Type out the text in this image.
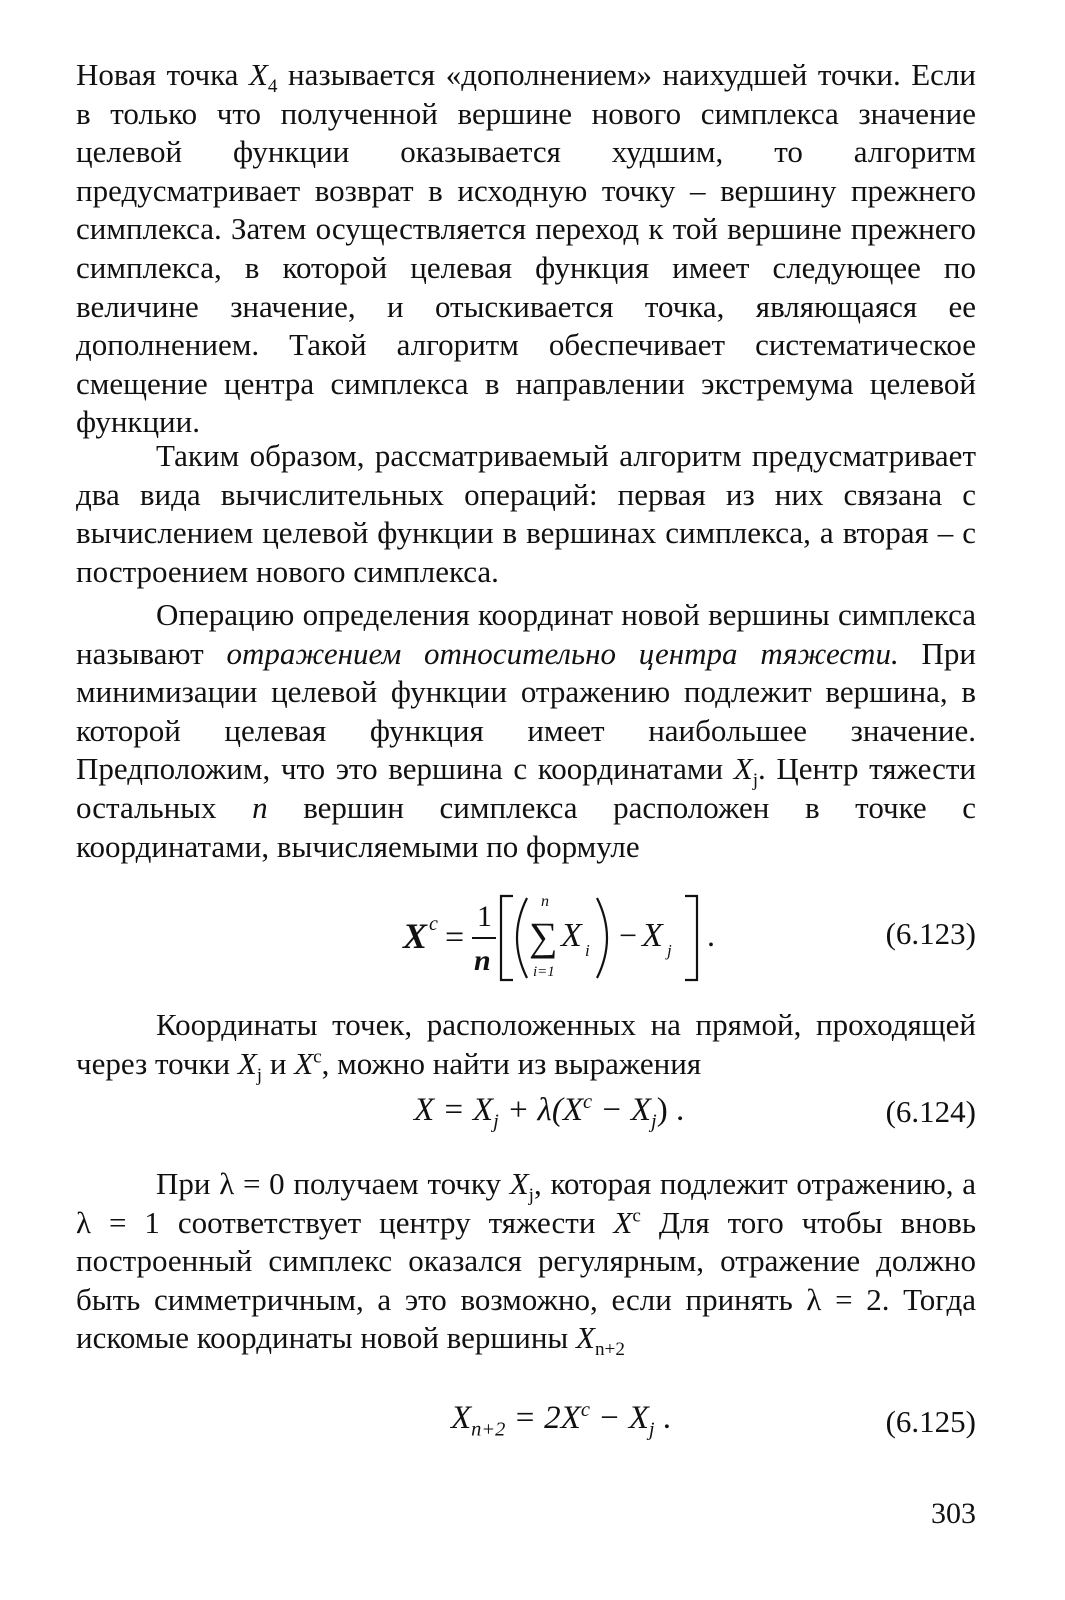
Новая точка $X_4$ называется «дополнением» наихудшей точки. Если в только что полученной вершине нового симплекса значение целевой функции оказывается худшим, то алгоритм предусматривает возврат в исходную точку – вершину прежнего симплекса. Затем осуществляется переход к той вершине прежнего симплекса, в которой целевая функция имеет следующее по величине значение, и отыскивается точка, являющаяся ее дополнением. Такой алгоритм обеспечивает систематическое смещение центра симплекса в направлении экстремума целевой функции.

Таким образом, рассматриваемый алгоритм предусматривает два вида вычислительных операций: первая из них связана с вычислением целевой функции в вершинах симплекса, а вторая – с построением нового симплекса.

Операцию определения координат новой вершины симплекса называют отражением относительно центра тяжести. При минимизации целевой функции отражению подлежит вершина, в которой целевая функция имеет наибольшее значение. Предположим, что это вершина с координатами $X_j$. Центр тяжести остальных n вершин симплекса расположен в точке с координатами, вычисляемыми по формуле

X c =
1
n
n
∑
i=1
X i − X j .	(6.123)

Координаты точек, расположенных на прямой, проходящей через точки $X_j$ и $X^c$, можно найти из выражения

$X = X_j + \lambda(X^c - X_j)$ .	(6.124)

При λ = 0 получаем точку $X_j$, которая подлежит отражению, а λ = 1 соответствует центру тяжести $X^c$ Для того чтобы вновь построенный симплекс оказался регулярным, отражение должно быть симметричным, а это возможно, если принять λ = 2. Тогда искомые координаты новой вершины $X_{n+2}$

$X_{n+2} = 2X^c - X_j$ .	(6.125)
303
